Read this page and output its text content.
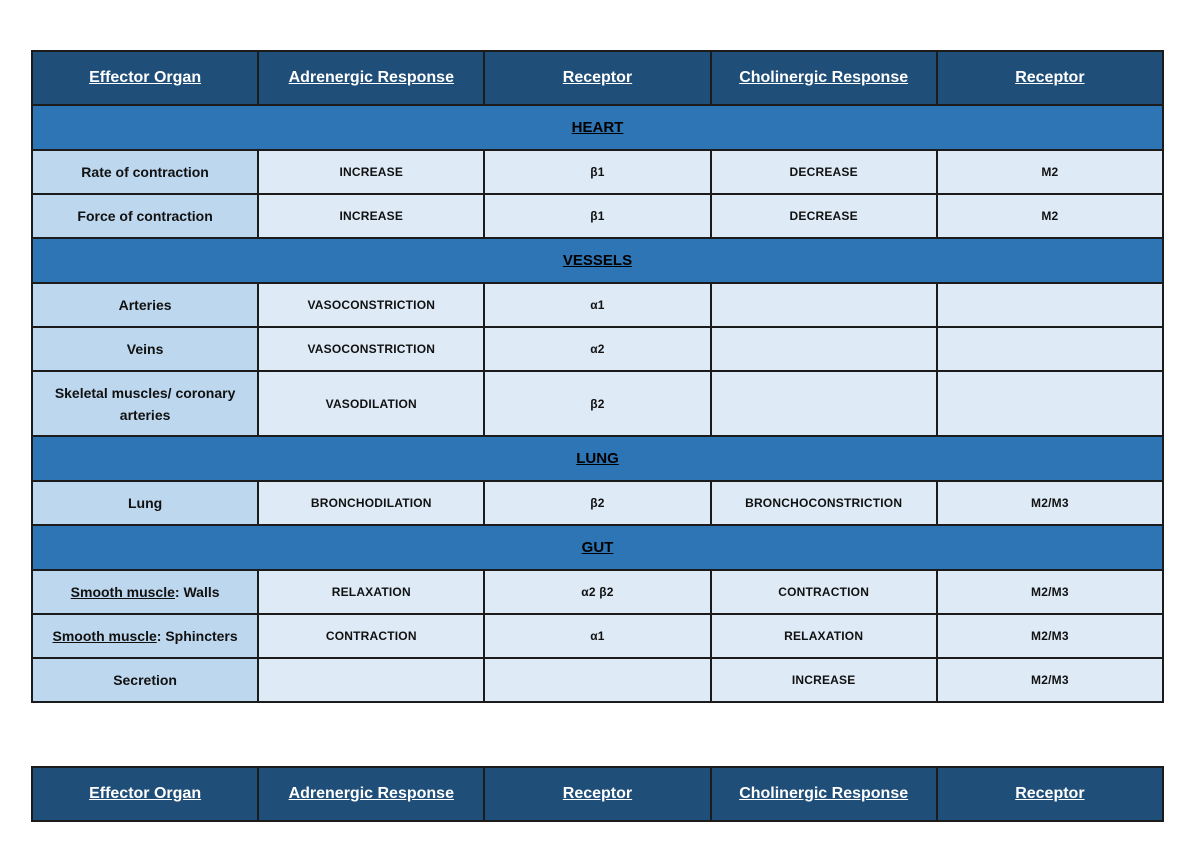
Effector Organ	Adrenergic Response	Receptor	Cholinergic Response	Receptor
HEART				
Rate of contraction	INCREASE	β1	DECREASE	M2
Force of contraction	INCREASE	β1	DECREASE	M2
VESSELS				
Arteries	VASOCONSTRICTION	α1		
Veins	VASOCONSTRICTION	α2		
Skeletal muscles/ coronary arteries	VASODILATION	β2		
LUNG				
Lung	BRONCHODILATION	β2	BRONCHOCONSTRICTION	M2/M3
GUT				
Smooth muscle: Walls	RELAXATION	α2 β2	CONTRACTION	M2/M3
Smooth muscle: Sphincters	CONTRACTION	α1	RELAXATION	M2/M3
Secretion			INCREASE	M2/M3
Effector Organ	Adrenergic Response	Receptor	Cholinergic Response	Receptor
